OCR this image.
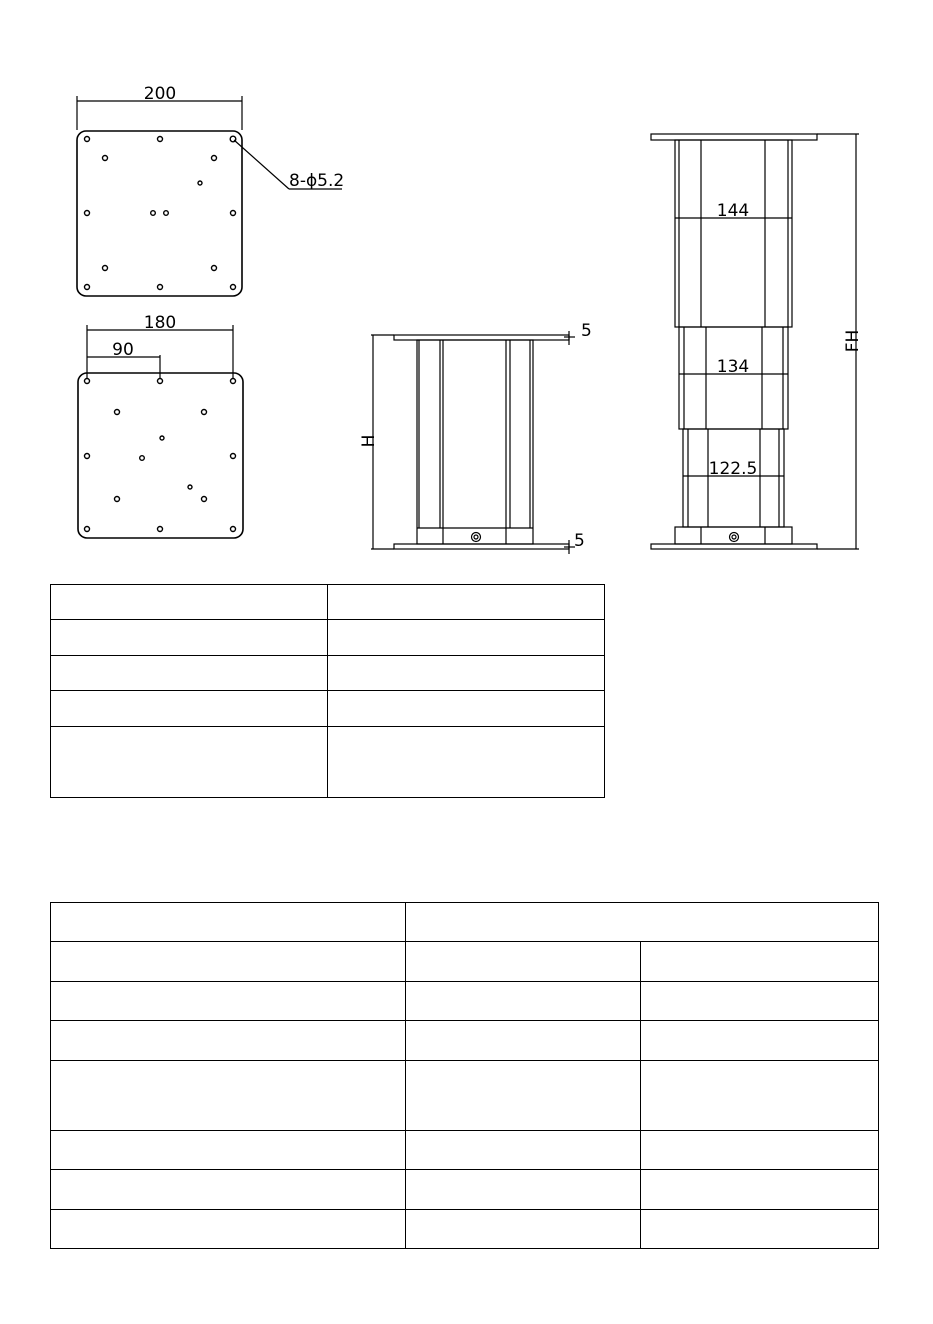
200
8-ϕ5.2
180
90
H
5
5
144
134
122.5
FH
